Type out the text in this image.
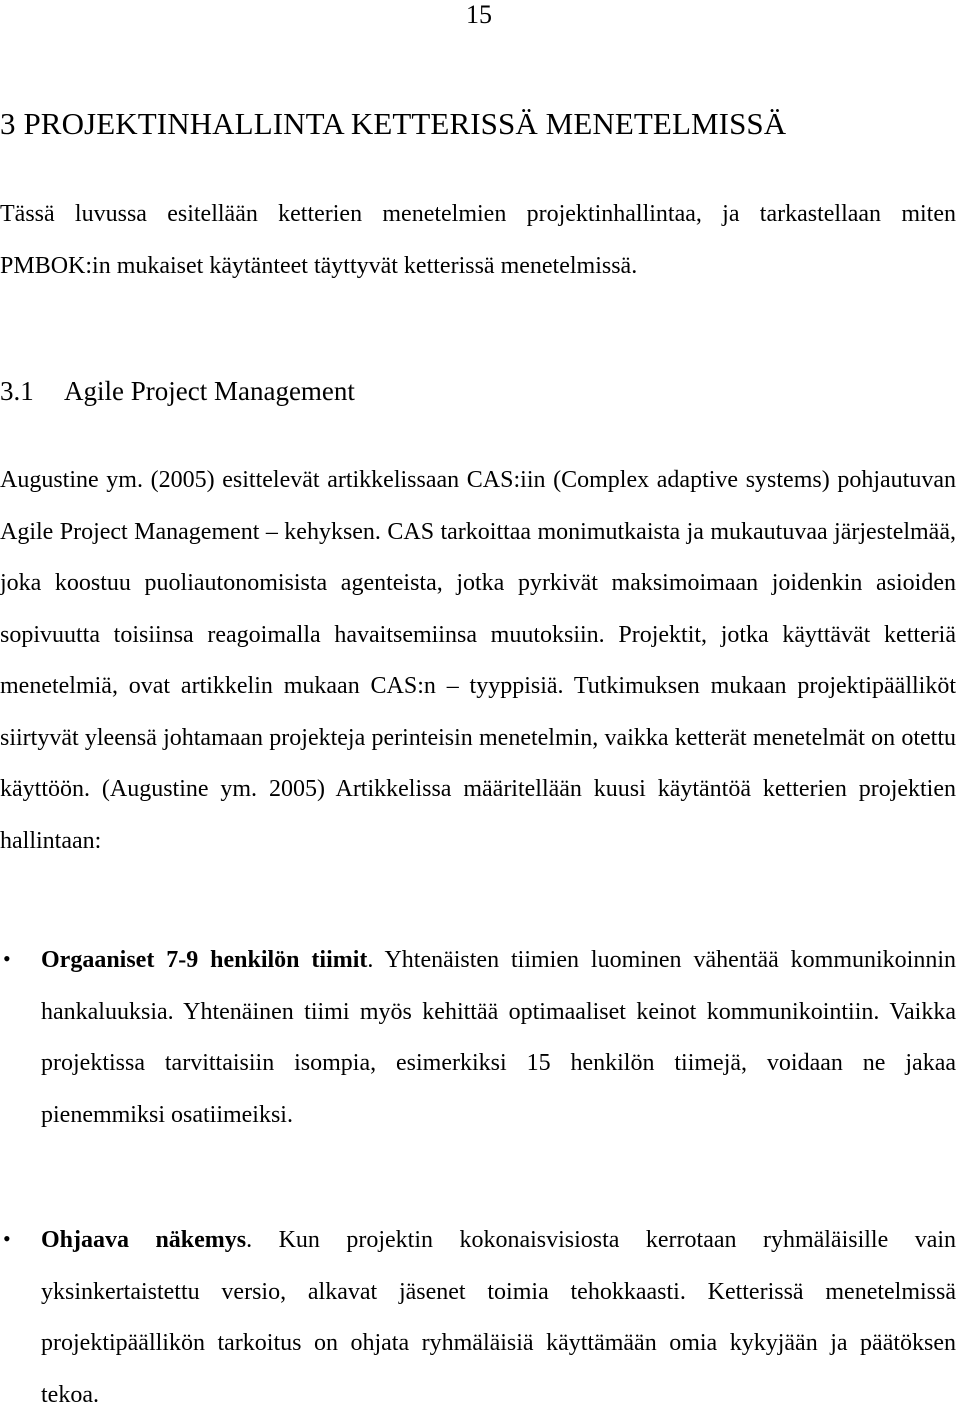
15
3 PROJEKTINHALLINTA KETTERISSÄ MENETELMISSÄ

Tässä luvussa esitellään ketterien menetelmien projektinhallintaa, ja tarkastellaan miten PMBOK:in mukaiset käytänteet täyttyvät ketterissä menetelmissä.

3.1 Agile Project Management

Augustine ym. (2005) esittelevät artikkelissaan CAS:iin (Complex adaptive systems) pohjautuvan Agile Project Management – kehyksen. CAS tarkoittaa monimutkaista ja mukautuvaa järjestelmää, joka koostuu puoliautonomisista agenteista, jotka pyrkivät maksimoimaan joidenkin asioiden sopivuutta toisiinsa reagoimalla havaitsemiinsa muutoksiin. Projektit, jotka käyttävät ketteriä menetelmiä, ovat artikkelin mukaan CAS:n – tyyppisiä. Tutkimuksen mukaan projektipäälliköt siirtyvät yleensä johtamaan projekteja perinteisin menetelmin, vaikka ketterät menetelmät on otettu käyttöön. (Augustine ym. 2005) Artikkelissa määritellään kuusi käytäntöä ketterien projektien hallintaan:

• Orgaaniset 7-9 henkilön tiimit. Yhtenäisten tiimien luominen vähentää kommunikoinnin hankaluuksia. Yhtenäinen tiimi myös kehittää optimaaliset keinot kommunikointiin. Vaikka projektissa tarvittaisiin isompia, esimerkiksi 15 henkilön tiimejä, voidaan ne jakaa pienemmiksi osatiimeiksi.

• Ohjaava näkemys. Kun projektin kokonaisvisiosta kerrotaan ryhmäläisille vain yksinkertaistettu versio, alkavat jäsenet toimia tehokkaasti. Ketterissä menetelmissä projektipäällikön tarkoitus on ohjata ryhmäläisiä käyttämään omia kykyjään ja päätöksen tekoa.
